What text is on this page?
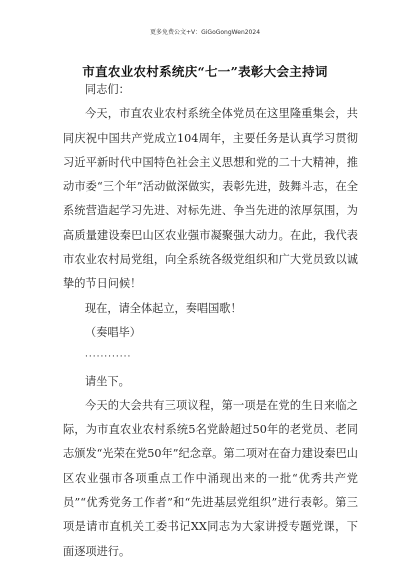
更多免费公文+V：GiGoGongWen2024
市直农业农村系统庆“七一”表彰大会主持词

同志们：

今天，市直农业农村系统全体党员在这里隆重集会，共同庆祝中国共产党成立104周年，主要任务是认真学习贯彻习近平新时代中国特色社会主义思想和党的二十大精神，推动市委“三个年”活动做深做实，表彰先进，鼓舞斗志，在全系统营造起学习先进、对标先进、争当先进的浓厚氛围，为高质量建设秦巴山区农业强市凝聚强大动力。在此，我代表市农业农村局党组，向全系统各级党组织和广大党员致以诚挚的节日问候！

现在，请全体起立，奏唱国歌！

（奏唱毕）

············

请坐下。

今天的大会共有三项议程，第一项是在党的生日来临之际，为市直农业农村系统5名党龄超过50年的老党员、老同志颁发“光荣在党50年”纪念章。第二项对在奋力建设秦巴山区农业强市各项重点工作中涌现出来的一批“优秀共产党员”“优秀党务工作者”和“先进基层党组织”进行表彰。第三项是请市直机关工委书记XX同志为大家讲授专题党课，下面逐项进行。
